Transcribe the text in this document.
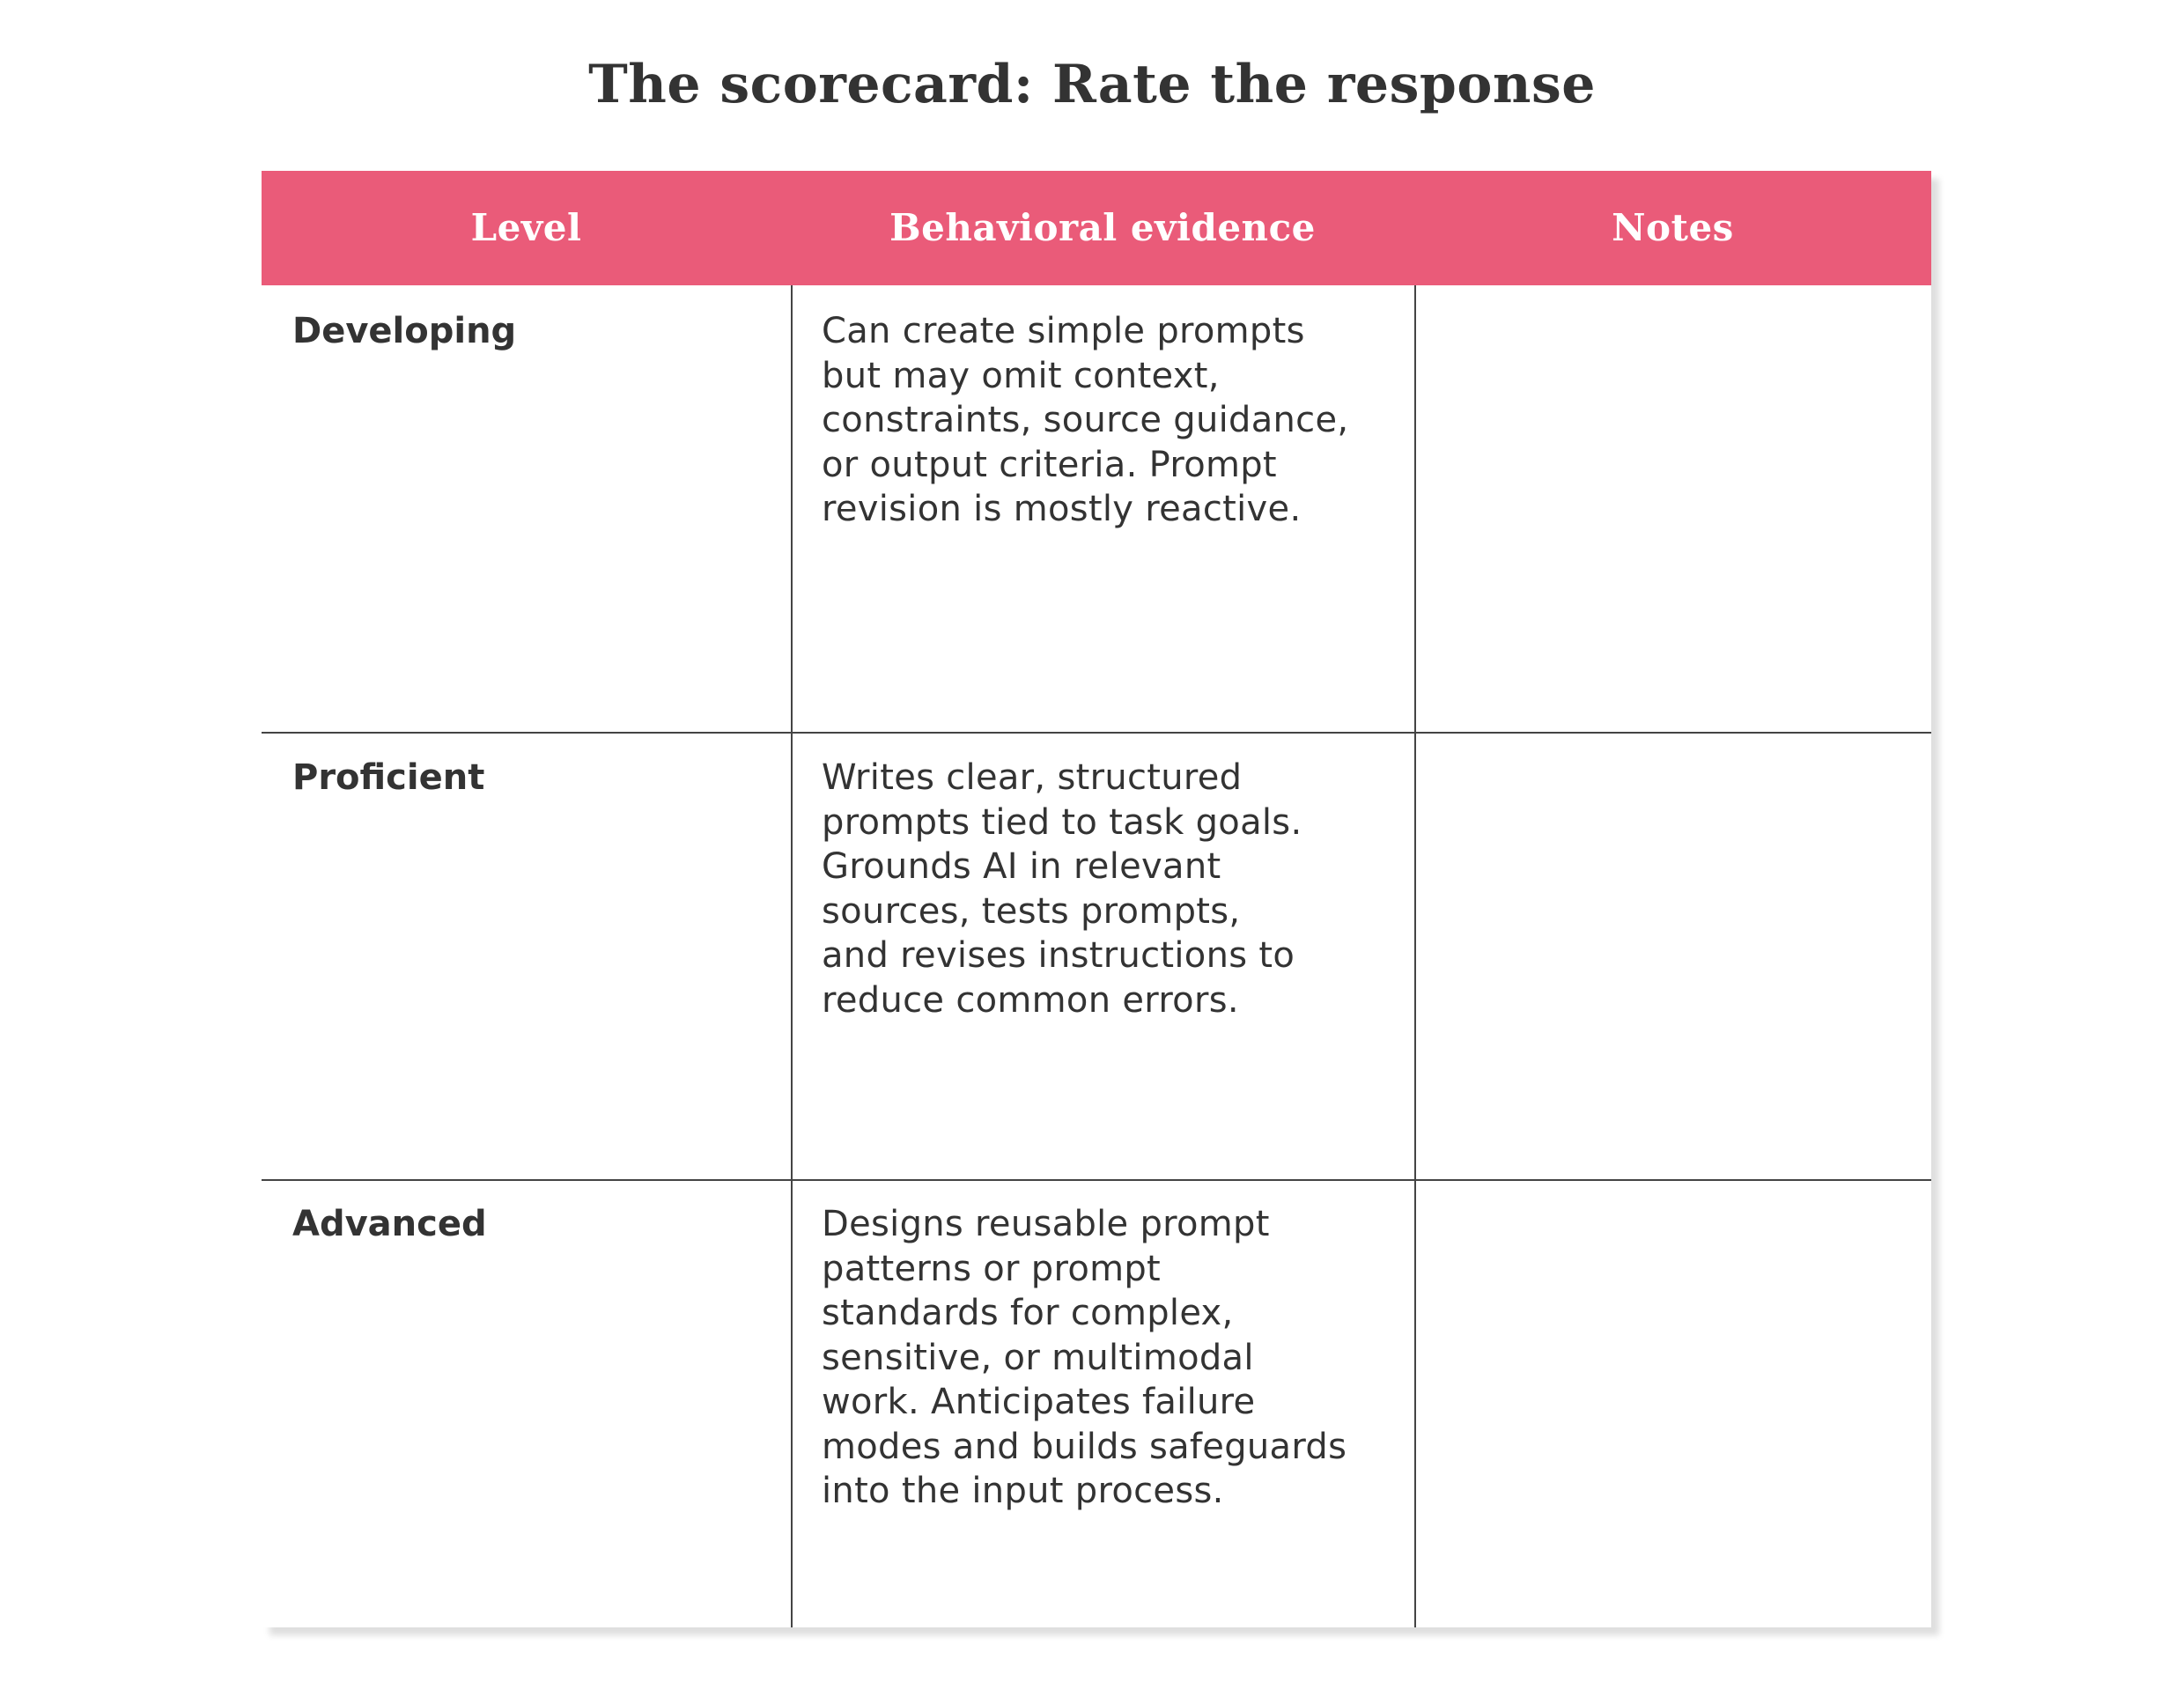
The scorecard: Rate the response
Level	Behavioral evidence	Notes
Developing	Can create simple prompts
but may omit context,
constraints, source guidance,
or output criteria. Prompt
revision is mostly reactive.
Proficient	Writes clear, structured
prompts tied to task goals.
Grounds AI in relevant
sources, tests prompts,
and revises instructions to
reduce common errors.
Advanced	Designs reusable prompt
patterns or prompt
standards for complex,
sensitive, or multimodal
work. Anticipates failure
modes and builds safeguards
into the input process.
